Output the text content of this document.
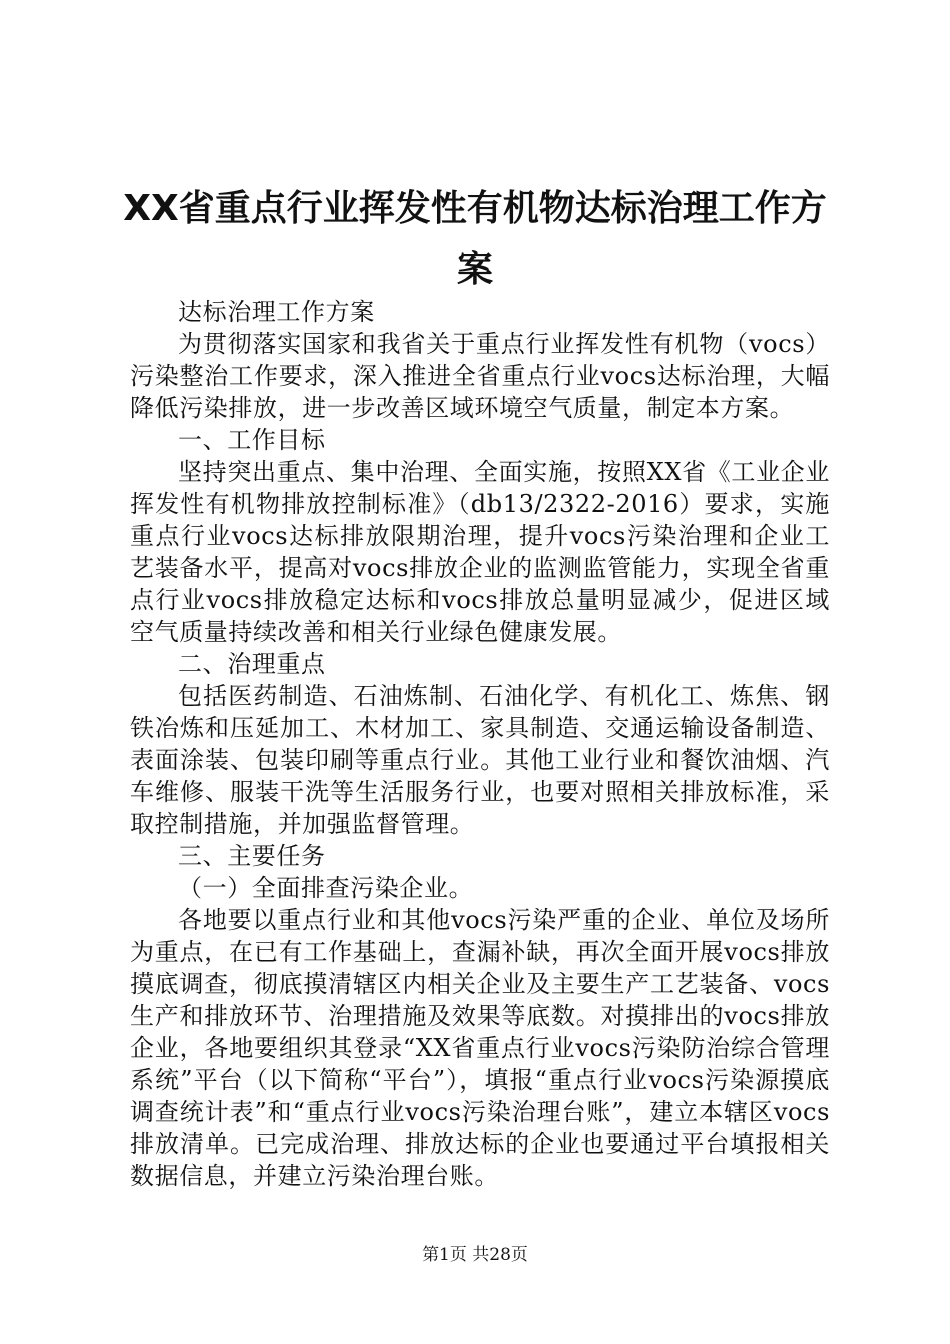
XX省重点行业挥发性有机物达标治理工作方
案

达标治理工作方案

为贯彻落实国家和我省关于重点行业挥发性有机物（vocs）污染整治工作要求，深入推进全省重点行业vocs达标治理，大幅降低污染排放，进一步改善区域环境空气质量，制定本方案。

一、工作目标

坚持突出重点、集中治理、全面实施，按照XX省《工业企业挥发性有机物排放控制标准》（db13/2322-2016）要求，实施重点行业vocs达标排放限期治理，提升vocs污染治理和企业工艺装备水平，提高对vocs排放企业的监测监管能力，实现全省重点行业vocs排放稳定达标和vocs排放总量明显减少，促进区域空气质量持续改善和相关行业绿色健康发展。

二、治理重点

包括医药制造、石油炼制、石油化学、有机化工、炼焦、钢铁冶炼和压延加工、木材加工、家具制造、交通运输设备制造、表面涂装、包装印刷等重点行业。其他工业行业和餐饮油烟、汽车维修、服装干洗等生活服务行业，也要对照相关排放标准，采取控制措施，并加强监督管理。

三、主要任务

（一）全面排查污染企业。

各地要以重点行业和其他vocs污染严重的企业、单位及场所为重点，在已有工作基础上，查漏补缺，再次全面开展vocs排放摸底调查，彻底摸清辖区内相关企业及主要生产工艺装备、vocs生产和排放环节、治理措施及效果等底数。对摸排出的vocs排放企业，各地要组织其登录“XX省重点行业vocs污染防治综合管理系统”平台（以下简称“平台”），填报“重点行业vocs污染源摸底调查统计表”和“重点行业vocs污染治理台账”，建立本辖区vocs排放清单。已完成治理、排放达标的企业也要通过平台填报相关数据信息，并建立污染治理台账。

第1页 共28页
